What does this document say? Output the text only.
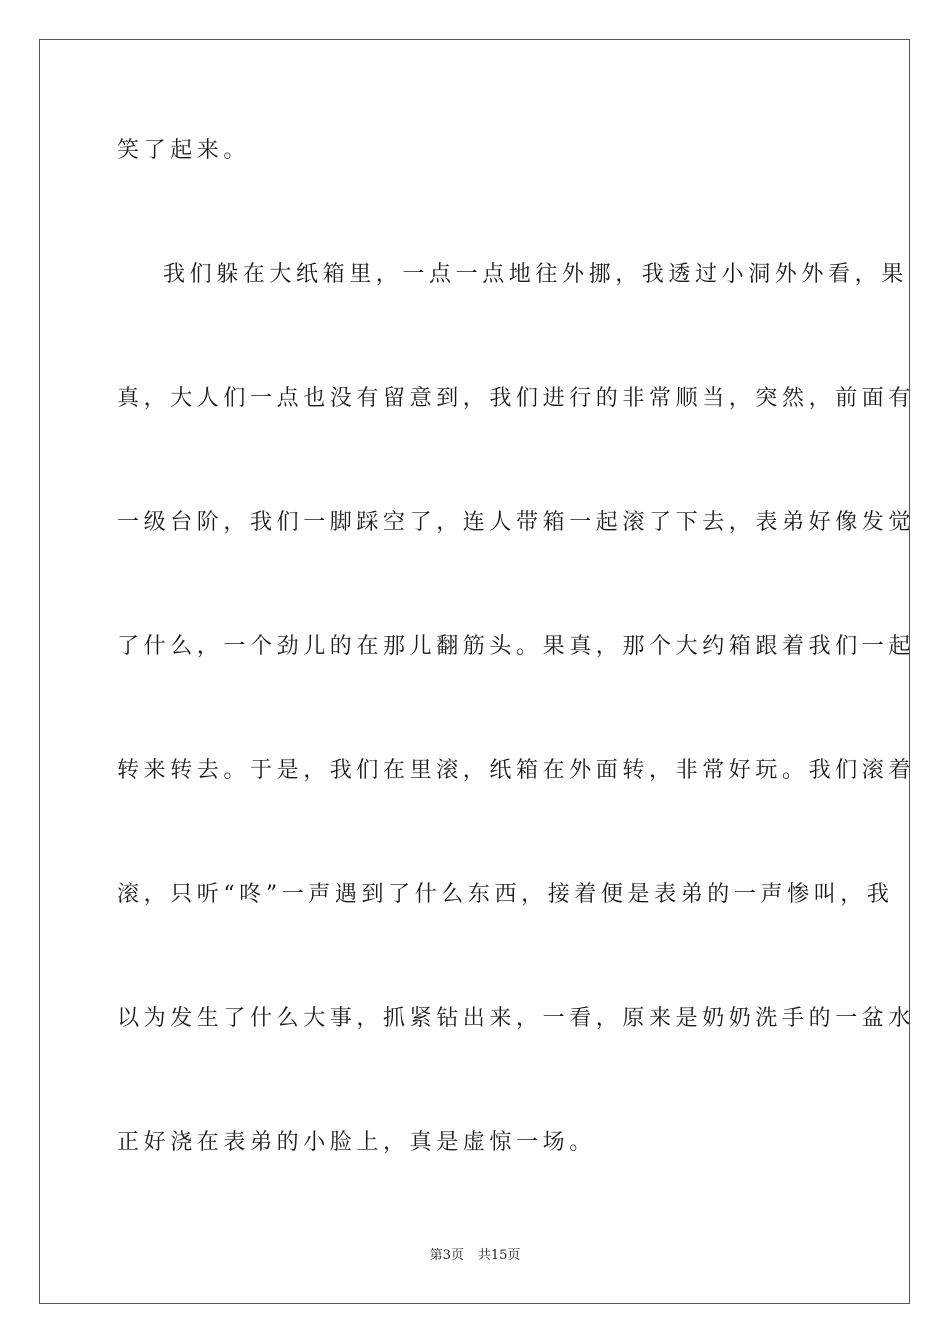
笑了起来。
我们躲在大纸箱里，一点一点地往外挪，我透过小洞外外看，果
真，大人们一点也没有留意到，我们进行的非常顺当，突然，前面有
一级台阶，我们一脚踩空了，连人带箱一起滚了下去，表弟好像发觉
了什么，一个劲儿的在那儿翻筋头。果真，那个大约箱跟着我们一起
转来转去。于是，我们在里滚，纸箱在外面转，非常好玩。我们滚着
滚，只听“咚”一声遇到了什么东西，接着便是表弟的一声惨叫，我
以为发生了什么大事，抓紧钻出来，一看，原来是奶奶洗手的一盆水
正好浇在表弟的小脸上，真是虚惊一场。
第3页 共15页
